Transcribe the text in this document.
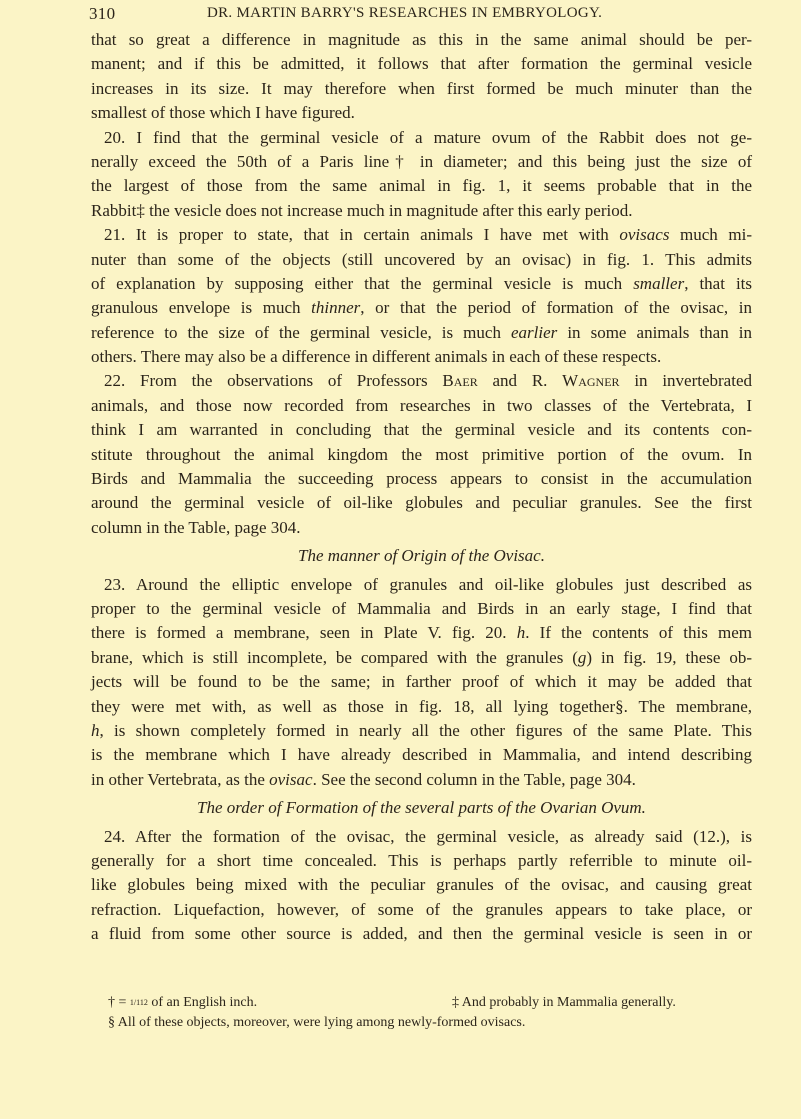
310	DR. MARTIN BARRY'S RESEARCHES IN EMBRYOLOGY.
that so great a difference in magnitude as this in the same animal should be per-
manent; and if this be admitted, it follows that after formation the germinal vesicle
increases in its size. It may therefore when first formed be much minuter than the
smallest of those which I have figured.
20. I find that the germinal vesicle of a mature ovum of the Rabbit does not ge-
nerally exceed the 50th of a Paris line† in diameter; and this being just the size of
the largest of those from the same animal in fig. 1, it seems probable that in the
Rabbit‡ the vesicle does not increase much in magnitude after this early period.
21. It is proper to state, that in certain animals I have met with ovisacs much mi-
nuter than some of the objects (still uncovered by an ovisac) in fig. 1. This admits
of explanation by supposing either that the germinal vesicle is much smaller, that its
granulous envelope is much thinner, or that the period of formation of the ovisac, in
reference to the size of the germinal vesicle, is much earlier in some animals than in
others. There may also be a difference in different animals in each of these respects.
22. From the observations of Professors Baer and R. Wagner in invertebrated
animals, and those now recorded from researches in two classes of the Vertebrata, I
think I am warranted in concluding that the germinal vesicle and its contents con-
stitute throughout the animal kingdom the most primitive portion of the ovum. In
Birds and Mammalia the succeeding process appears to consist in the accumulation
around the germinal vesicle of oil-like globules and peculiar granules. See the first
column in the Table, page 304.
The manner of Origin of the Ovisac.
23. Around the elliptic envelope of granules and oil-like globules just described as
proper to the germinal vesicle of Mammalia and Birds in an early stage, I find that
there is formed a membrane, seen in Plate V. fig. 20. h. If the contents of this mem
brane, which is still incomplete, be compared with the granules (g) in fig. 19, these ob-
jects will be found to be the same; in farther proof of which it may be added that
they were met with, as well as those in fig. 18, all lying together§. The membrane,
h, is shown completely formed in nearly all the other figures of the same Plate. This
is the membrane which I have already described in Mammalia, and intend describing
in other Vertebrata, as the ovisac. See the second column in the Table, page 304.
The order of Formation of the several parts of the Ovarian Ovum.
24. After the formation of the ovisac, the germinal vesicle, as already said (12.), is
generally for a short time concealed. This is perhaps partly referrible to minute oil-
like globules being mixed with the peculiar granules of the ovisac, and causing great
refraction. Liquefaction, however, of some of the granules appears to take place, or
a fluid from some other source is added, and then the germinal vesicle is seen in or
† = 1/112 of an English inch.	‡ And probably in Mammalia generally.
§ All of these objects, moreover, were lying among newly-formed ovisacs.
